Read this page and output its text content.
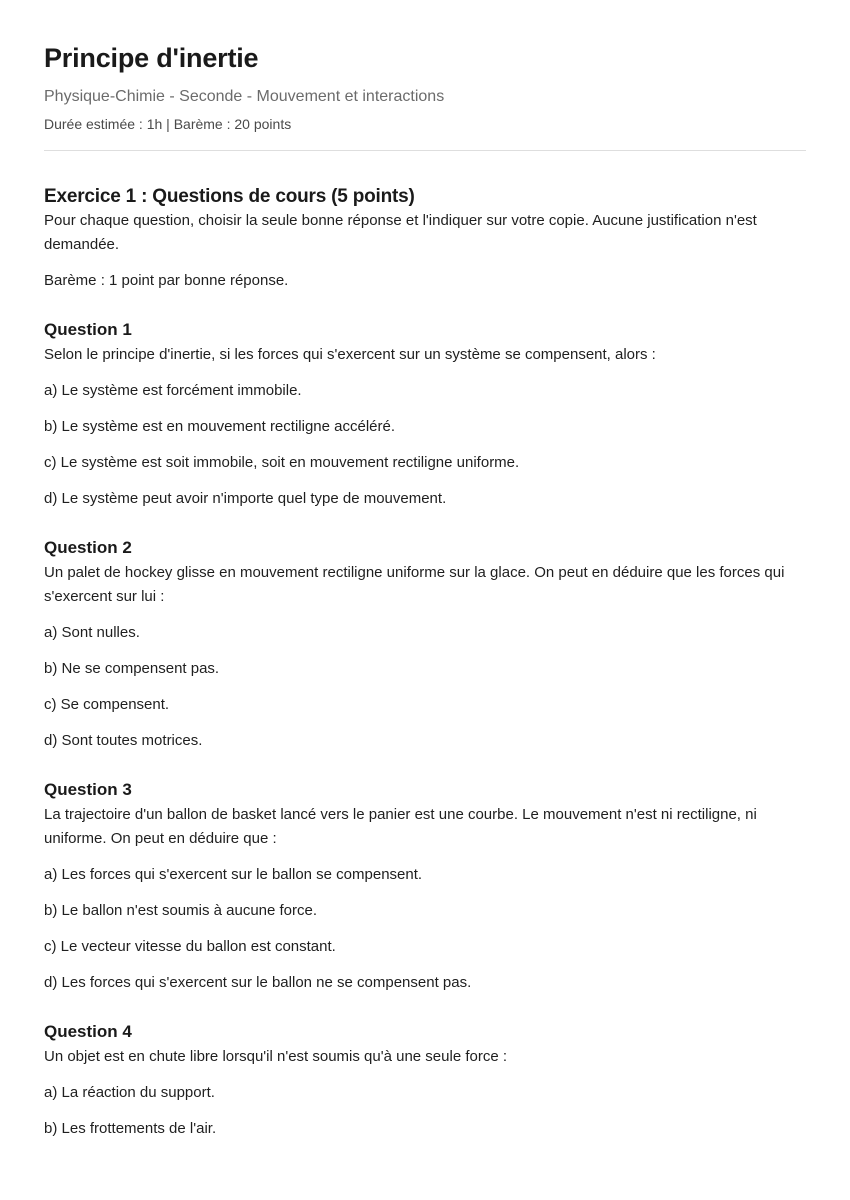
Principe d'inertie
Physique-Chimie - Seconde - Mouvement et interactions
Durée estimée : 1h | Barème : 20 points
Exercice 1 : Questions de cours (5 points)

Pour chaque question, choisir la seule bonne réponse et l'indiquer sur votre copie. Aucune justification n'est demandée.

Barème : 1 point par bonne réponse.

Question 1

Selon le principe d'inertie, si les forces qui s'exercent sur un système se compensent, alors :

a) Le système est forcément immobile.
b) Le système est en mouvement rectiligne accéléré.
c) Le système est soit immobile, soit en mouvement rectiligne uniforme.
d) Le système peut avoir n'importe quel type de mouvement.
Question 2

Un palet de hockey glisse en mouvement rectiligne uniforme sur la glace. On peut en déduire que les forces qui s'exercent sur lui :

a) Sont nulles.
b) Ne se compensent pas.
c) Se compensent.
d) Sont toutes motrices.
Question 3

La trajectoire d'un ballon de basket lancé vers le panier est une courbe. Le mouvement n'est ni rectiligne, ni uniforme. On peut en déduire que :

a) Les forces qui s'exercent sur le ballon se compensent.
b) Le ballon n'est soumis à aucune force.
c) Le vecteur vitesse du ballon est constant.
d) Les forces qui s'exercent sur le ballon ne se compensent pas.
Question 4

Un objet est en chute libre lorsqu'il n'est soumis qu'à une seule force :

a) La réaction du support.
b) Les frottements de l'air.
